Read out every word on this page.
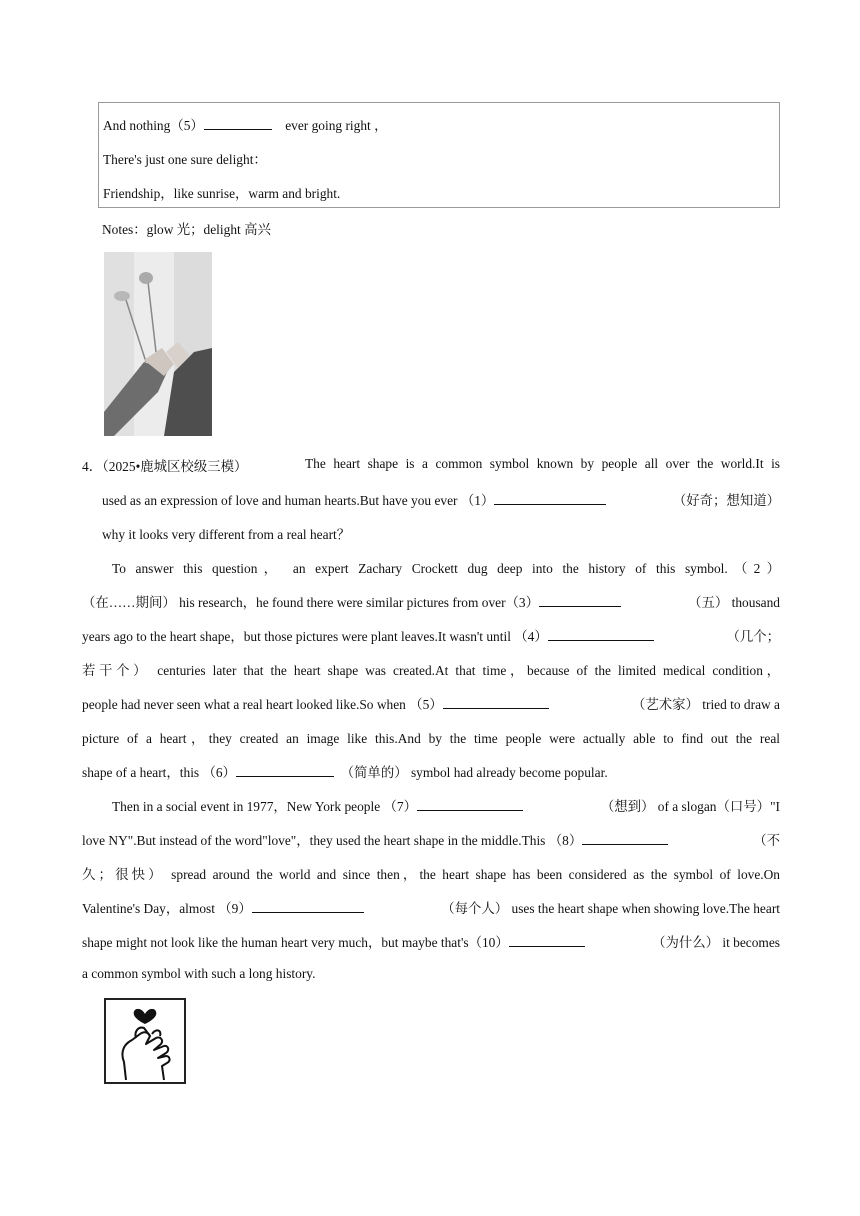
And nothing（5）	ever going right ，
There's just one sure delight：
Friendship，like sunrise，warm and bright.
Notes：glow 光；delight 高兴
4．（2025•鹿城区校级三模）	The heart shape is a common symbol known by people all over the world.It is
used as an expression of love and human hearts.But have you ever （1）	（好奇；想知道）
why it looks very different from a real heart？
To answer this question， an expert Zachary Crockett dug deep into the history of this symbol.（2）
（在……期间） his research，he found there were similar pictures from over（3）	（五） thousand
years ago to the heart shape，but those pictures were plant leaves.It wasn't until （4）	（几个；
若干个） centuries later that the heart shape was created.At that time，because of the limited medical condition，
people had never seen what a real heart looked like.So when （5）	（艺术家） tried to draw a
picture of a heart，they created an image like this.And by the time people were actually able to find out the real
shape of a heart，this （6）	（简单的） symbol had already become popular.
Then in a social event in 1977，New York people （7）	（想到） of a slogan（口号）"I
love NY".But instead of the word"love"，they used the heart shape in the middle.This （8）	（不
久；很快） spread around the world and since then，the heart shape has been considered as the symbol of love.On
Valentine's Day，almost （9）	（每个人） uses the heart shape when showing love.The heart
shape might not look like the human heart very much，but maybe that's（10）	（为什么） it becomes
a common symbol with such a long history.
